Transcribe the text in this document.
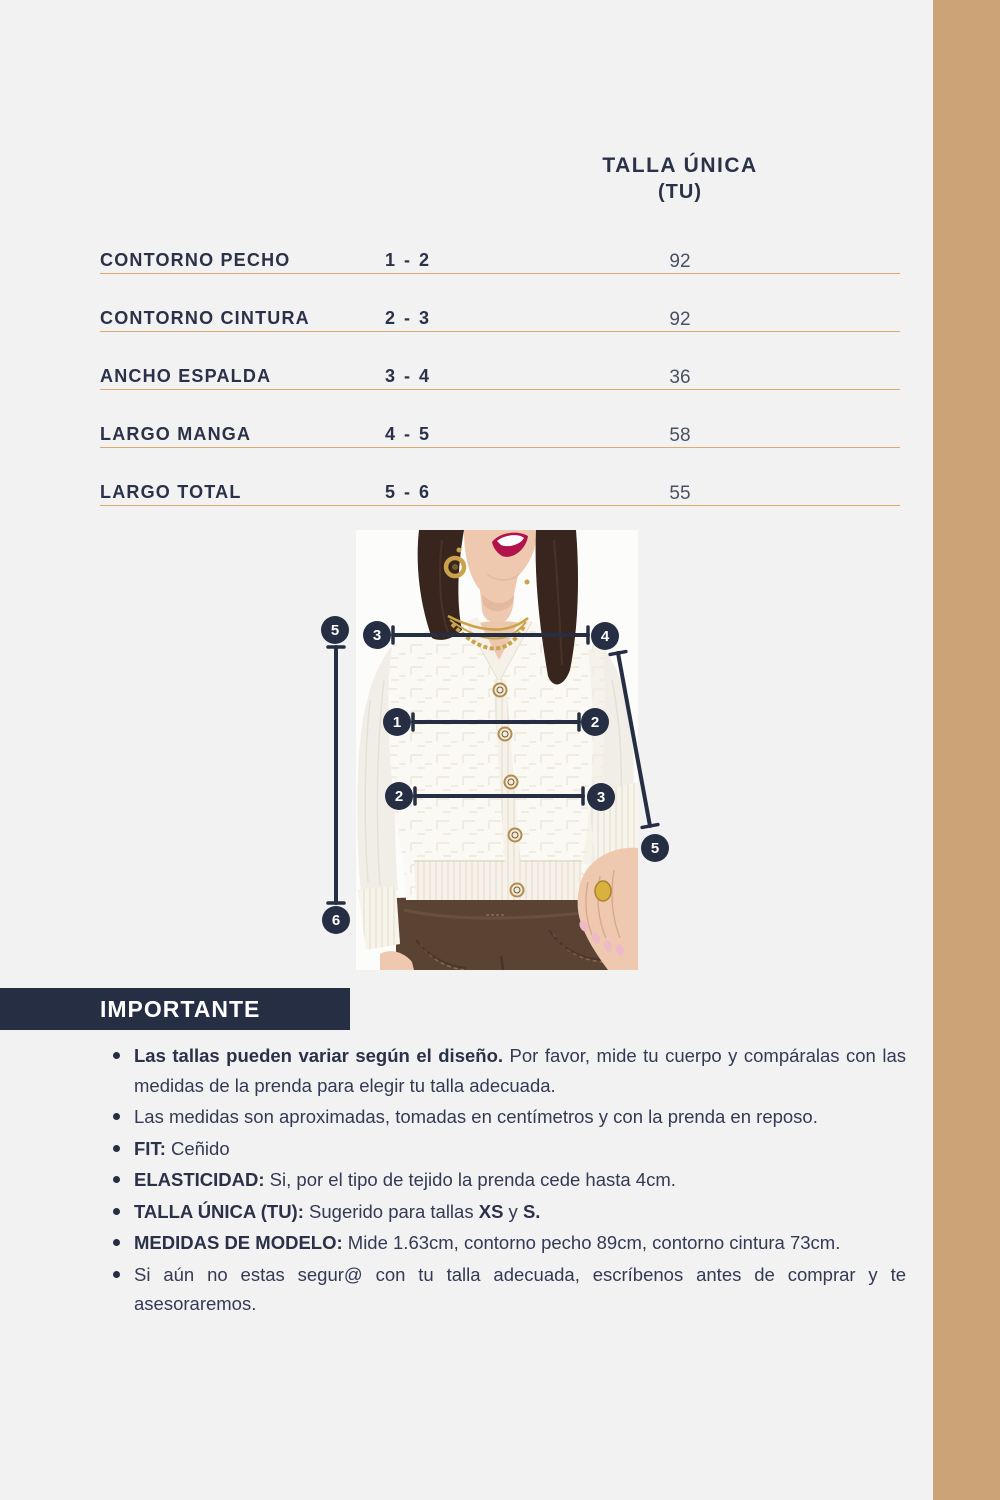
TALLA ÚNICA
(TU)
CONTORNO PECHO	1 - 2	92
CONTORNO CINTURA	2 - 3	92
ANCHO ESPALDA	3 - 4	36
LARGO MANGA	4 - 5	58
LARGO TOTAL	5 - 6	55
5	3	4
1	2
2	3
5
6
IMPORTANTE
Las tallas pueden variar según el diseño. Por favor, mide tu cuerpo y compáralas con las medidas de la prenda para elegir tu talla adecuada.
Las medidas son aproximadas, tomadas en centímetros y con la prenda en reposo.
FIT: Ceñido
ELASTICIDAD: Si, por el tipo de tejido la prenda cede hasta 4cm.
TALLA ÚNICA (TU): Sugerido para tallas XS y S.
MEDIDAS DE MODELO: Mide 1.63cm, contorno pecho 89cm, contorno cintura 73cm.
Si aún no estas segur@ con tu talla adecuada, escríbenos antes de comprar y te asesoraremos.
